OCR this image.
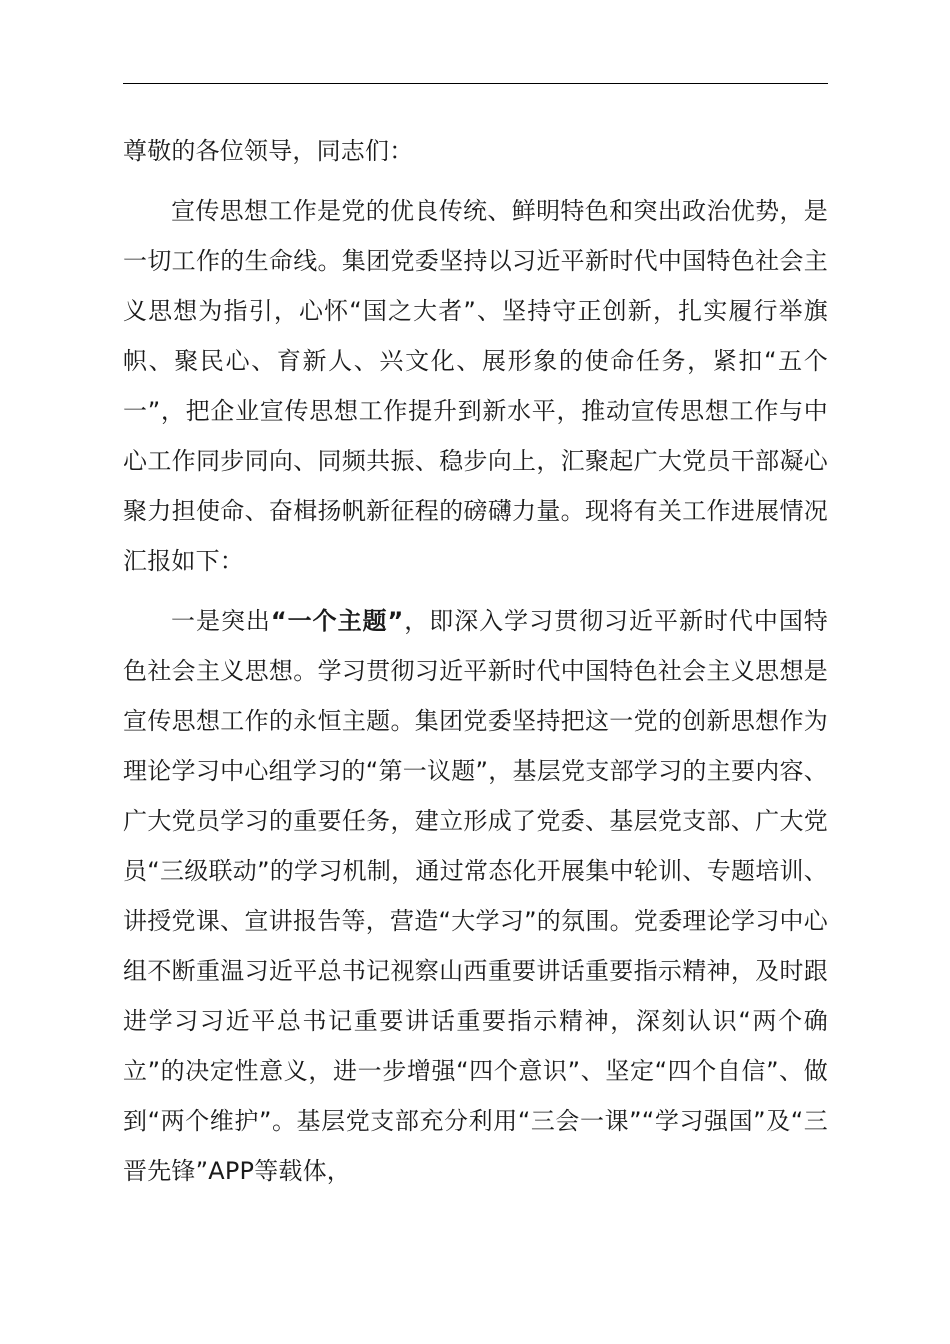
尊敬的各位领导，同志们：

宣传思想工作是党的优良传统、鲜明特色和突出政治优势，是一切工作的生命线。集团党委坚持以习近平新时代中国特色社会主义思想为指引，心怀“国之大者”、坚持守正创新，扎实履行举旗帜、聚民心、育新人、兴文化、展形象的使命任务，紧扣“五个一”，把企业宣传思想工作提升到新水平，推动宣传思想工作与中心工作同步同向、同频共振、稳步向上，汇聚起广大党员干部凝心聚力担使命、奋楫扬帆新征程的磅礴力量。现将有关工作进展情况汇报如下：

一是突出“一个主题”，即深入学习贯彻习近平新时代中国特色社会主义思想。学习贯彻习近平新时代中国特色社会主义思想是宣传思想工作的永恒主题。集团党委坚持把这一党的创新思想作为理论学习中心组学习的“第一议题”，基层党支部学习的主要内容、广大党员学习的重要任务，建立形成了党委、基层党支部、广大党员“三级联动”的学习机制，通过常态化开展集中轮训、专题培训、讲授党课、宣讲报告等，营造“大学习”的氛围。党委理论学习中心组不断重温习近平总书记视察山西重要讲话重要指示精神，及时跟进学习习近平总书记重要讲话重要指示精神，深刻认识“两个确立”的决定性意义，进一步增强“四个意识”、坚定“四个自信”、做到“两个维护”。基层党支部充分利用“三会一课”“学习强国”及“三晋先锋”APP等载体，
